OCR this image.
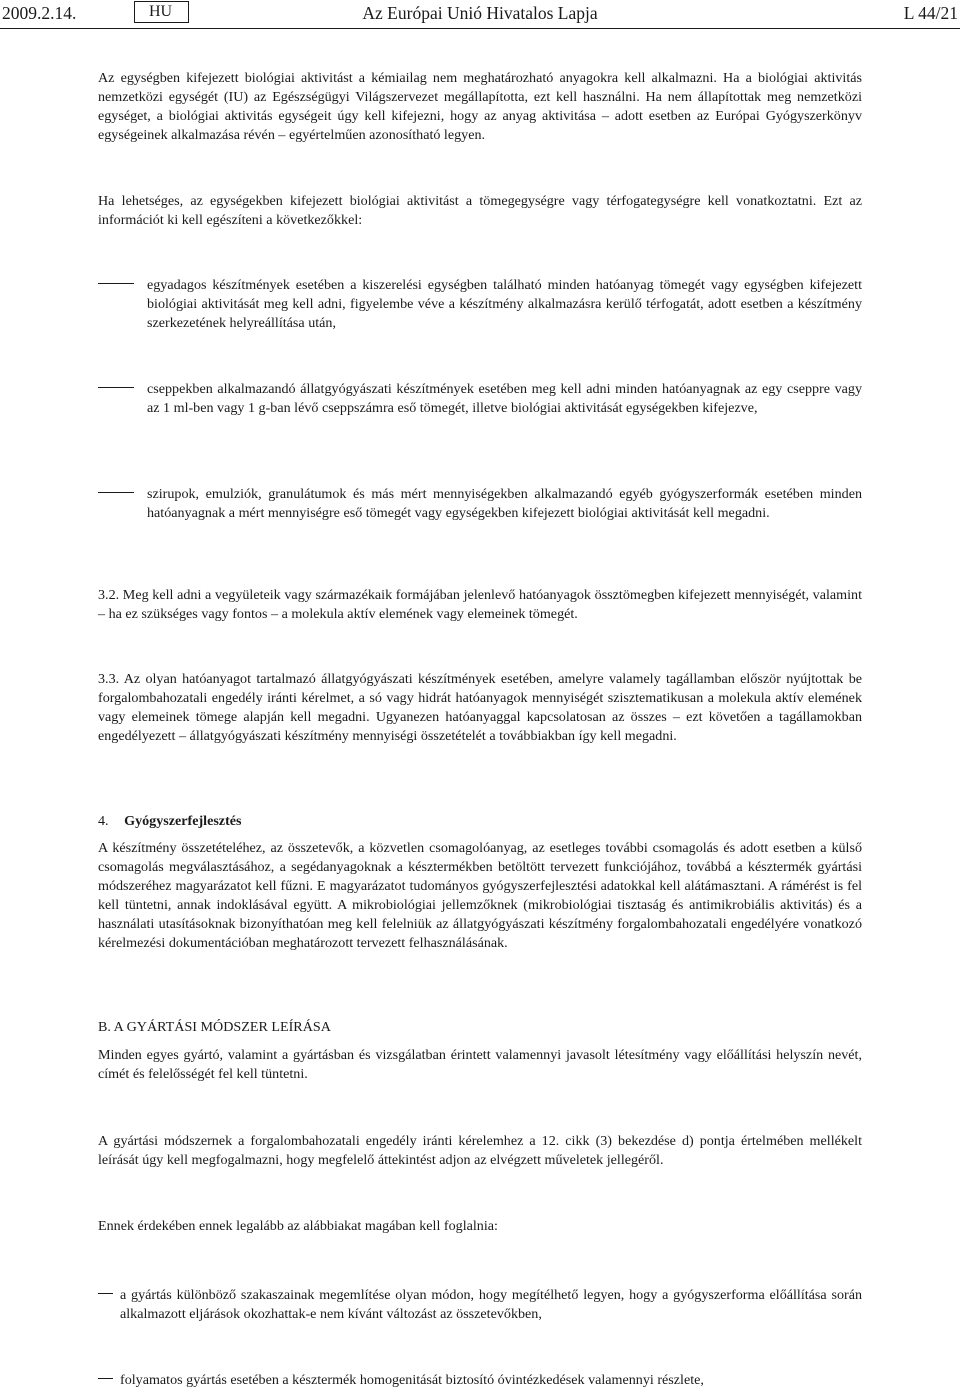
2009.2.14.	HU	Az Európai Unió Hivatalos Lapja	L 44/21

Az egységben kifejezett biológiai aktivitást a kémiailag nem meghatározható anyagokra kell alkalmazni. Ha a biológiai aktivitás nemzetközi egységét (IU) az Egészségügyi Világszervezet megállapította, ezt kell használni. Ha nem állapítottak meg nemzetközi egységet, a biológiai aktivitás egységeit úgy kell kifejezni, hogy az anyag aktivitása – adott esetben az Európai Gyógyszerkönyv egységeinek alkalmazása révén – egyértelműen azonosítható legyen.

Ha lehetséges, az egységekben kifejezett biológiai aktivitást a tömegegységre vagy térfogategységre kell vonatkoztatni. Ezt az információt ki kell egészíteni a következőkkel:

egyadagos készítmények esetében a kiszerelési egységben található minden hatóanyag tömegét vagy egységben kifejezett biológiai aktivitását meg kell adni, figyelembe véve a készítmény alkalmazásra kerülő térfogatát, adott esetben a készítmény szerkezetének helyreállítása után,

cseppekben alkalmazandó állatgyógyászati készítmények esetében meg kell adni minden hatóanyagnak az egy cseppre vagy az 1 ml-ben vagy 1 g-ban lévő cseppszámra eső tömegét, illetve biológiai aktivitását egységekben kifejezve,

szirupok, emulziók, granulátumok és más mért mennyiségekben alkalmazandó egyéb gyógyszerformák esetében minden hatóanyagnak a mért mennyiségre eső tömegét vagy egységekben kifejezett biológiai aktivitását kell megadni.

3.2. Meg kell adni a vegyületeik vagy származékaik formájában jelenlevő hatóanyagok össztömegben kifejezett mennyiségét, valamint – ha ez szükséges vagy fontos – a molekula aktív elemének vagy elemeinek tömegét.

3.3. Az olyan hatóanyagot tartalmazó állatgyógyászati készítmények esetében, amelyre valamely tagállamban először nyújtottak be forgalombahozatali engedély iránti kérelmet, a só vagy hidrát hatóanyagok mennyiségét szisztematikusan a molekula aktív elemének vagy elemeinek tömege alapján kell megadni. Ugyanezen hatóanyaggal kapcsolatosan az összes – ezt követően a tagállamokban engedélyezett – állatgyógyászati készítmény mennyiségi összetételét a továbbiakban így kell megadni.

4. Gyógyszerfejlesztés

A készítmény összetételéhez, az összetevők, a közvetlen csomagolóanyag, az esetleges további csomagolás és adott esetben a külső csomagolás megválasztásához, a segédanyagoknak a késztermékben betöltött tervezett funkciójához, továbbá a késztermék gyártási módszeréhez magyarázatot kell fűzni. E magyarázatot tudományos gyógyszerfejlesztési adatokkal kell alátámasztani. A rámérést is fel kell tüntetni, annak indoklásával együtt. A mikrobiológiai jellemzőknek (mikrobiológiai tisztaság és antimikrobiális aktivitás) és a használati utasításoknak bizonyíthatóan meg kell felelniük az állatgyógyászati készítmény forgalombahozatali engedélyére vonatkozó kérelmezési dokumentációban meghatározott tervezett felhasználásának.

B. A GYÁRTÁSI MÓDSZER LEÍRÁSA

Minden egyes gyártó, valamint a gyártásban és vizsgálatban érintett valamennyi javasolt létesítmény vagy előállítási helyszín nevét, címét és felelősségét fel kell tüntetni.

A gyártási módszernek a forgalombahozatali engedély iránti kérelemhez a 12. cikk (3) bekezdése d) pontja értelmében mellékelt leírását úgy kell megfogalmazni, hogy megfelelő áttekintést adjon az elvégzett műveletek jellegéről.

Ennek érdekében ennek legalább az alábbiakat magában kell foglalnia:

a gyártás különböző szakaszainak megemlítése olyan módon, hogy megítélhető legyen, hogy a gyógyszerforma előállítása során alkalmazott eljárások okozhattak-e nem kívánt változást az összetevőkben,

folyamatos gyártás esetében a késztermék homogenitását biztosító óvintézkedések valamennyi részlete,
